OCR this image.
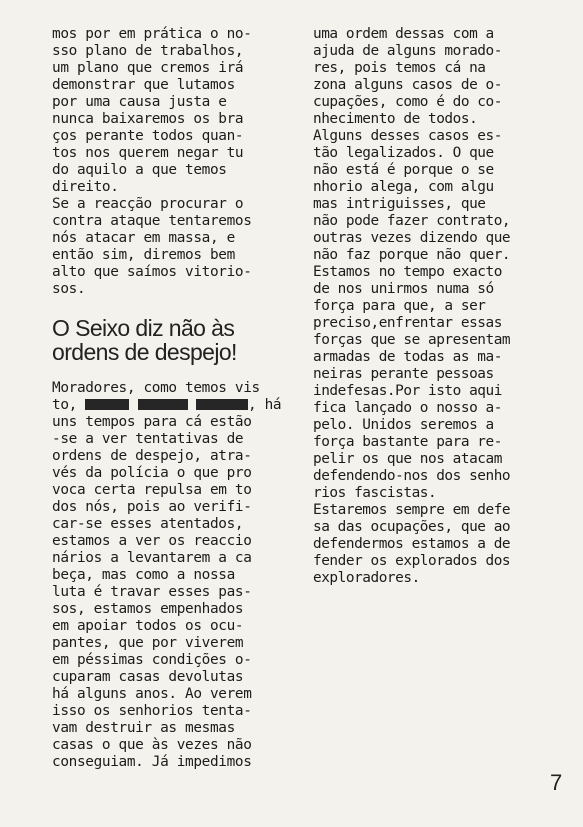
mos por em prática o no-
sso plano de trabalhos,
um plano que cremos irá
demonstrar que lutamos
por uma causa justa e
nunca baixaremos os bra
ços perante todos quan-
tos nos querem negar tu
do aquilo a que temos
direito.
Se a reacção procurar o
contra ataque tentaremos
nós atacar em massa, e
então sim, diremos bem
alto que saímos vitorio-
sos.
Moradores, como temos vis
to,	, há
uns tempos para cá estão
-se a ver tentativas de
ordens de despejo, atra-
vés da polícia o que pro
voca certa repulsa em to
dos nós, pois ao verifi-
car-se esses atentados,
estamos a ver os reaccio
nários a levantarem a ca
beça, mas como a nossa
luta é travar esses pas-
sos, estamos empenhados
em apoiar todos os ocu-
pantes, que por viverem
em péssimas condições o-
cuparam casas devolutas
há alguns anos. Ao verem
isso os senhorios tenta-
vam destruir as mesmas
casas o que às vezes não
conseguiam. Já impedimos
O Seixo diz não às
ordens de despejo!
uma ordem dessas com a
ajuda de alguns morado-
res, pois temos cá na
zona alguns casos de o-
cupações, como é do co-
nhecimento de todos.
Alguns desses casos es-
tão legalizados. O que
não está é porque o se
nhorio alega, com algu
mas intriguisses, que
não pode fazer contrato,
outras vezes dizendo que
não faz porque não quer.
Estamos no tempo exacto
de nos unirmos numa só
força para que, a ser
preciso,enfrentar essas
forças que se apresentam
armadas de todas as ma-
neiras perante pessoas
indefesas.Por isto aqui
fica lançado o nosso a-
pelo. Unidos seremos a
força bastante para re-
pelir os que nos atacam
defendendo-nos dos senho
rios fascistas.
Estaremos sempre em defe
sa das ocupações, que ao
defendermos estamos a de
fender os explorados dos
exploradores.
7
